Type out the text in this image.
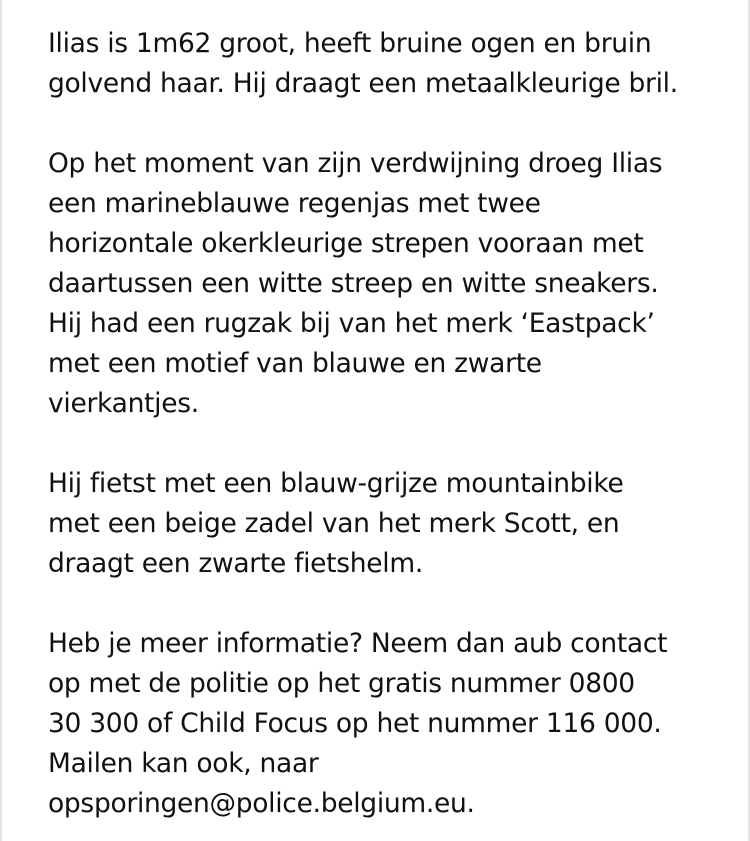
Ilias is 1m62 groot, heeft bruine ogen en bruin
golvend haar. Hij draagt een metaalkleurige bril.

Op het moment van zijn verdwijning droeg Ilias
een marineblauwe regenjas met twee
horizontale okerkleurige strepen vooraan met
daartussen een witte streep en witte sneakers.
Hij had een rugzak bij van het merk ‘Eastpack’
met een motief van blauwe en zwarte
vierkantjes.

Hij fietst met een blauw-grijze mountainbike
met een beige zadel van het merk Scott, en
draagt een zwarte fietshelm.

Heb je meer informatie? Neem dan aub contact
op met de politie op het gratis nummer 0800
30 300 of Child Focus op het nummer 116 000.
Mailen kan ook, naar
opsporingen@police.belgium.eu.
